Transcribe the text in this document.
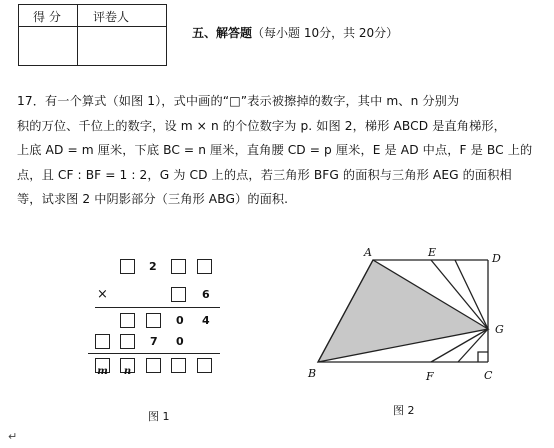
得 分	评卷人
五、解答题（每小题 10分，共 20分）

17．有一个算式（如图 1），式中画的“□”表示被擦掉的数字，其中 m、n 分别为

积的万位、千位上的数字，设 m × n 的个位数字为 p. 如图 2，梯形 ABCD 是直角梯形，

上底 AD = m 厘米，下底 BC = n 厘米，直角腰 CD = p 厘米，E 是 AD 中点，F 是 BC 上的

点，且 CF : BF = 1 : 2，G 为 CD 上的点，若三角形 BFG 的面积与三角形 AEG 的面积相

等，试求图 2 中阴影部分（三角形 ABG）的面积.

2
×	6
0 4
7 0
m	n
图 1
A	E	D
G
B	F	C
图 2
↵
